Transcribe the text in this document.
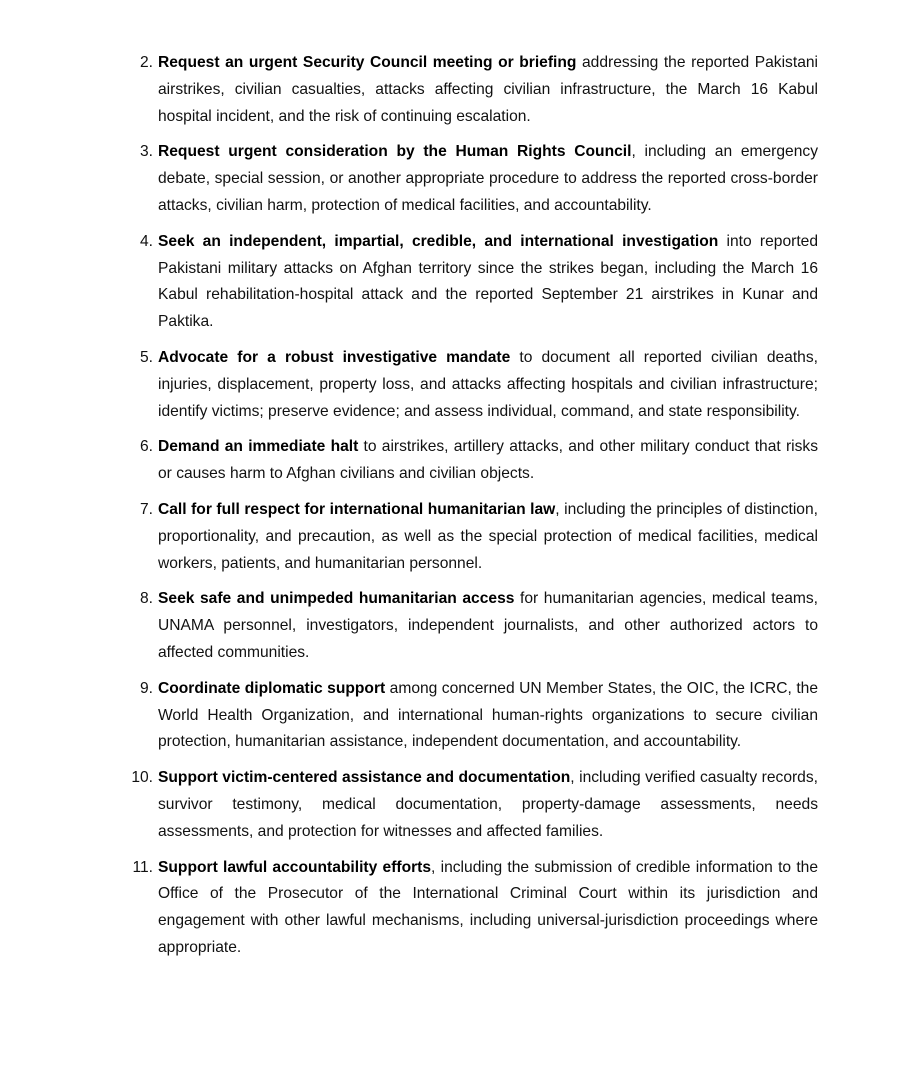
2. Request an urgent Security Council meeting or briefing addressing the reported Pakistani airstrikes, civilian casualties, attacks affecting civilian infrastructure, the March 16 Kabul hospital incident, and the risk of continuing escalation.
3. Request urgent consideration by the Human Rights Council, including an emergency debate, special session, or another appropriate procedure to address the reported cross-border attacks, civilian harm, protection of medical facilities, and accountability.
4. Seek an independent, impartial, credible, and international investigation into reported Pakistani military attacks on Afghan territory since the strikes began, including the March 16 Kabul rehabilitation-hospital attack and the reported September 21 airstrikes in Kunar and Paktika.
5. Advocate for a robust investigative mandate to document all reported civilian deaths, injuries, displacement, property loss, and attacks affecting hospitals and civilian infrastructure; identify victims; preserve evidence; and assess individual, command, and state responsibility.
6. Demand an immediate halt to airstrikes, artillery attacks, and other military conduct that risks or causes harm to Afghan civilians and civilian objects.
7. Call for full respect for international humanitarian law, including the principles of distinction, proportionality, and precaution, as well as the special protection of medical facilities, medical workers, patients, and humanitarian personnel.
8. Seek safe and unimpeded humanitarian access for humanitarian agencies, medical teams, UNAMA personnel, investigators, independent journalists, and other authorized actors to affected communities.
9. Coordinate diplomatic support among concerned UN Member States, the OIC, the ICRC, the World Health Organization, and international human-rights organizations to secure civilian protection, humanitarian assistance, independent documentation, and accountability.
10. Support victim-centered assistance and documentation, including verified casualty records, survivor testimony, medical documentation, property-damage assessments, needs assessments, and protection for witnesses and affected families.
11. Support lawful accountability efforts, including the submission of credible information to the Office of the Prosecutor of the International Criminal Court within its jurisdiction and engagement with other lawful mechanisms, including universal-jurisdiction proceedings where appropriate.
